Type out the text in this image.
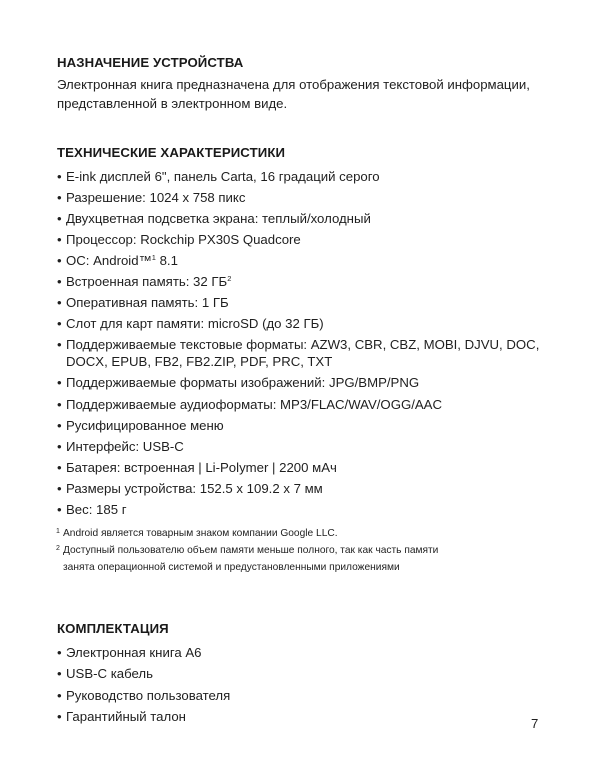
НАЗНАЧЕНИЕ УСТРОЙСТВА

Электронная книга предназначена для отображения текстовой информации,
представленной в электронном виде.

ТЕХНИЧЕСКИЕ ХАРАКТЕРИСТИКИ
• E-ink дисплей 6", панель Carta, 16 градаций серого
• Разрешение: 1024 x 758 пикс
• Двухцветная подсветка экрана: теплый/холодный
• Процессор: Rockchip PX30S Quadcore
• ОС: Android™$^1$ 8.1
• Встроенная память: 32 $ГБ^2$
• Оперативная память: 1 ГБ
• Слот для карт памяти: microSD (до 32 ГБ)
• Поддерживаемые текстовые форматы: AZW3, CBR, CBZ, MOBI, DJVU, DOC,
DOCX, EPUB, FB2, FB2.ZIP, PDF, PRC, TXT
• Поддерживаемые форматы изображений: JPG/BMP/PNG
• Поддерживаемые аудиоформаты: MP3/FLAC/WAV/OGG/AAC
• Русифицированное меню
• Интерфейс: USB-C
• Батарея: встроенная | Li-Polymer | 2200 мАч
• Размеры устройства: 152.5 x 109.2 x 7 мм
• Вес: 185 г
1 Android является товарным знаком компании Google LLC.
2 Доступный пользователю объем памяти меньше полного, так как часть памяти
занята операционной системой и предустановленными приложениями
КОМПЛЕКТАЦИЯ
• Электронная книга A6
• USB-C кабель
• Руководство пользователя
• Гарантийный талон	7
